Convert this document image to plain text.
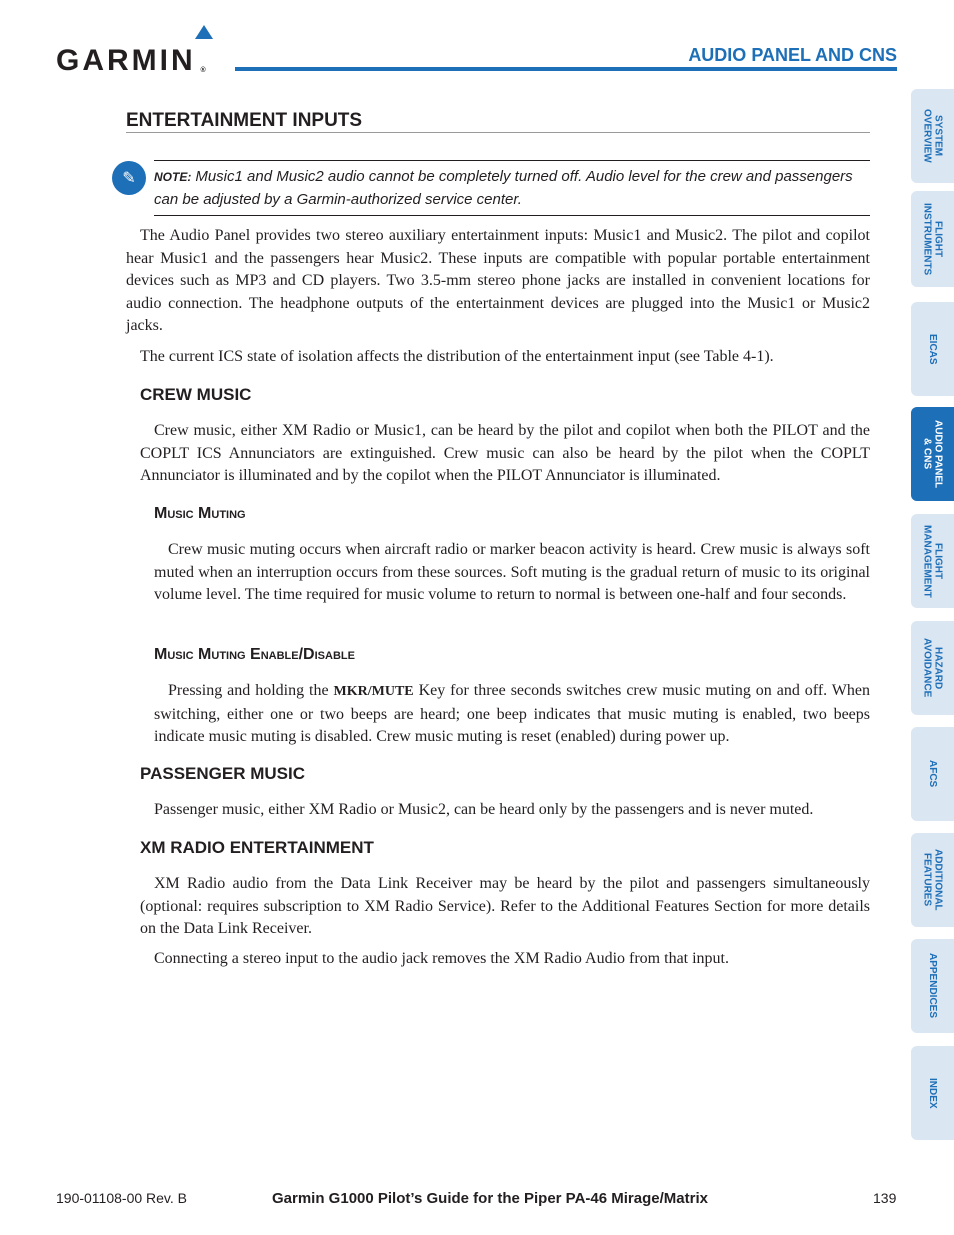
GARMIN ®
AUDIO PANEL AND CNS
ENTERTAINMENT INPUTS
✎	NOTE: Music1 and Music2 audio cannot be completely turned off. Audio level for the crew and passengers can be adjusted by a Garmin-authorized service center.

The Audio Panel provides two stereo auxiliary entertainment inputs: Music1 and Music2. The pilot and copilot hear Music1 and the passengers hear Music2. These inputs are compatible with popular portable entertainment devices such as MP3 and CD players. Two 3.5-mm stereo phone jacks are installed in convenient locations for audio connection. The headphone outputs of the entertainment devices are plugged into the Music1 or Music2 jacks.

The current ICS state of isolation affects the distribution of the entertainment input (see Table 4-1).

CREW MUSIC

Crew music, either XM Radio or Music1, can be heard by the pilot and copilot when both the PILOT and the COPLT ICS Annunciators are extinguished. Crew music can also be heard by the pilot when the COPLT Annunciator is illuminated and by the copilot when the PILOT Annunciator is illuminated.

Music Muting

Crew music muting occurs when aircraft radio or marker beacon activity is heard. Crew music is always soft muted when an interruption occurs from these sources. Soft muting is the gradual return of music to its original volume level. The time required for music volume to return to normal is between one-half and four seconds.

Music Muting Enable/Disable

Pressing and holding the MKR/MUTE Key for three seconds switches crew music muting on and off. When switching, either one or two beeps are heard; one beep indicates that music muting is enabled, two beeps indicate music muting is disabled. Crew music muting is reset (enabled) during power up.

PASSENGER MUSIC

Passenger music, either XM Radio or Music2, can be heard only by the passengers and is never muted.

XM RADIO ENTERTAINMENT

XM Radio audio from the Data Link Receiver may be heard by the pilot and passengers simultaneously (optional: requires subscription to XM Radio Service). Refer to the Additional Features Section for more details on the Data Link Receiver.

Connecting a stereo input to the audio jack removes the XM Radio Audio from that input.

SYSTEM
OVERVIEW
FLIGHT
INSTRUMENTS
EICAS
AUDIO PANEL
& CNS
FLIGHT
MANAGEMENT
HAZARD
AVOIDANCE
AFCS
ADDITIONAL
FEATURES
APPENDICES
INDEX
190-01108-00 Rev. B	Garmin G1000 Pilot’s Guide for the Piper PA-46 Mirage/Matrix	139
